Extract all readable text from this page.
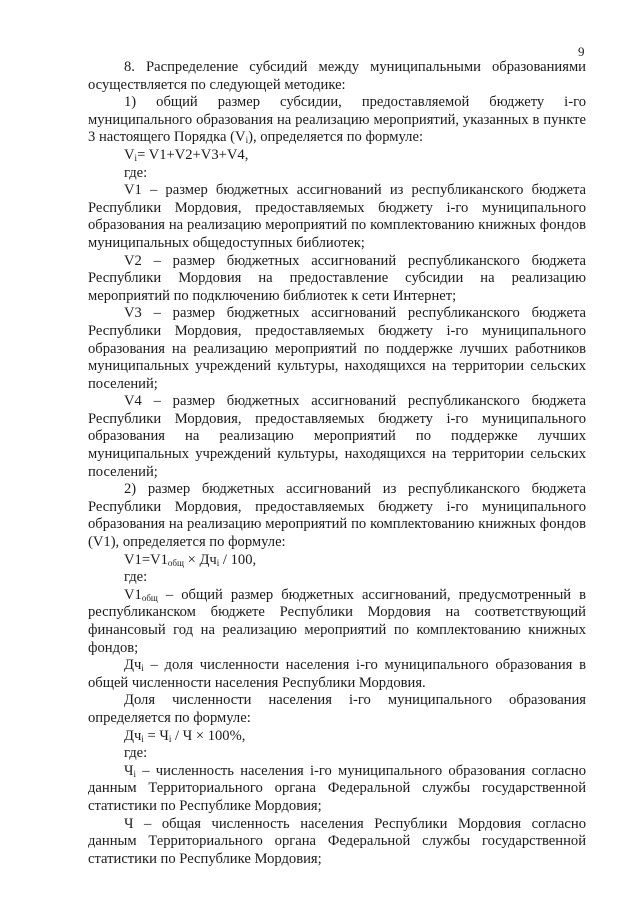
9

8. Распределение субсидий между муниципальными образованиями осуществляется по следующей методике:

1) общий размер субсидии, предоставляемой бюджету i-го муниципального образования на реализацию мероприятий, указанных в пункте 3 настоящего Порядка $(V_i)$, определяется по формуле:

$V_i= V1+V2+V3+V4$,

где:

V1 – размер бюджетных ассигнований из республиканского бюджета Республики Мордовия, предоставляемых бюджету i-го муниципального образования на реализацию мероприятий по комплектованию книжных фондов муниципальных общедоступных библиотек;

V2 – размер бюджетных ассигнований республиканского бюджета Республики Мордовия на предоставление субсидии на реализацию мероприятий по подключению библиотек к сети Интернет;

V3 – размер бюджетных ассигнований республиканского бюджета Республики Мордовия, предоставляемых бюджету i-го муниципального образования на реализацию мероприятий по поддержке лучших работников муниципальных учреждений культуры, находящихся на территории сельских поселений;

V4 – размер бюджетных ассигнований республиканского бюджета Республики Мордовия, предоставляемых бюджету i-го муниципального образования на реализацию мероприятий по поддержке лучших муниципальных учреждений культуры, находящихся на территории сельских поселений;

2) размер бюджетных ассигнований из республиканского бюджета Республики Мордовия, предоставляемых бюджету i-го муниципального образования на реализацию мероприятий по комплектованию книжных фондов (V1), определяется по формуле:

$V1=V1_{общ} \times Дч_i / 100$,

где:

$V1_{общ}$ – общий размер бюджетных ассигнований, предусмотренный в республиканском бюджете Республики Мордовия на соответствующий финансовый год на реализацию мероприятий по комплектованию книжных фондов;

$Дч_i$ – доля численности населения i-го муниципального образования в общей численности населения Республики Мордовия.

Доля численности населения i-го муниципального образования определяется по формуле:

$Дч_i = Ч_i / Ч \times 100\%$,

где:

$Ч_i$ – численность населения i-го муниципального образования согласно данным Территориального органа Федеральной службы государственной статистики по Республике Мордовия;

Ч – общая численность населения Республики Мордовия согласно данным Территориального органа Федеральной службы государственной статистики по Республике Мордовия;
